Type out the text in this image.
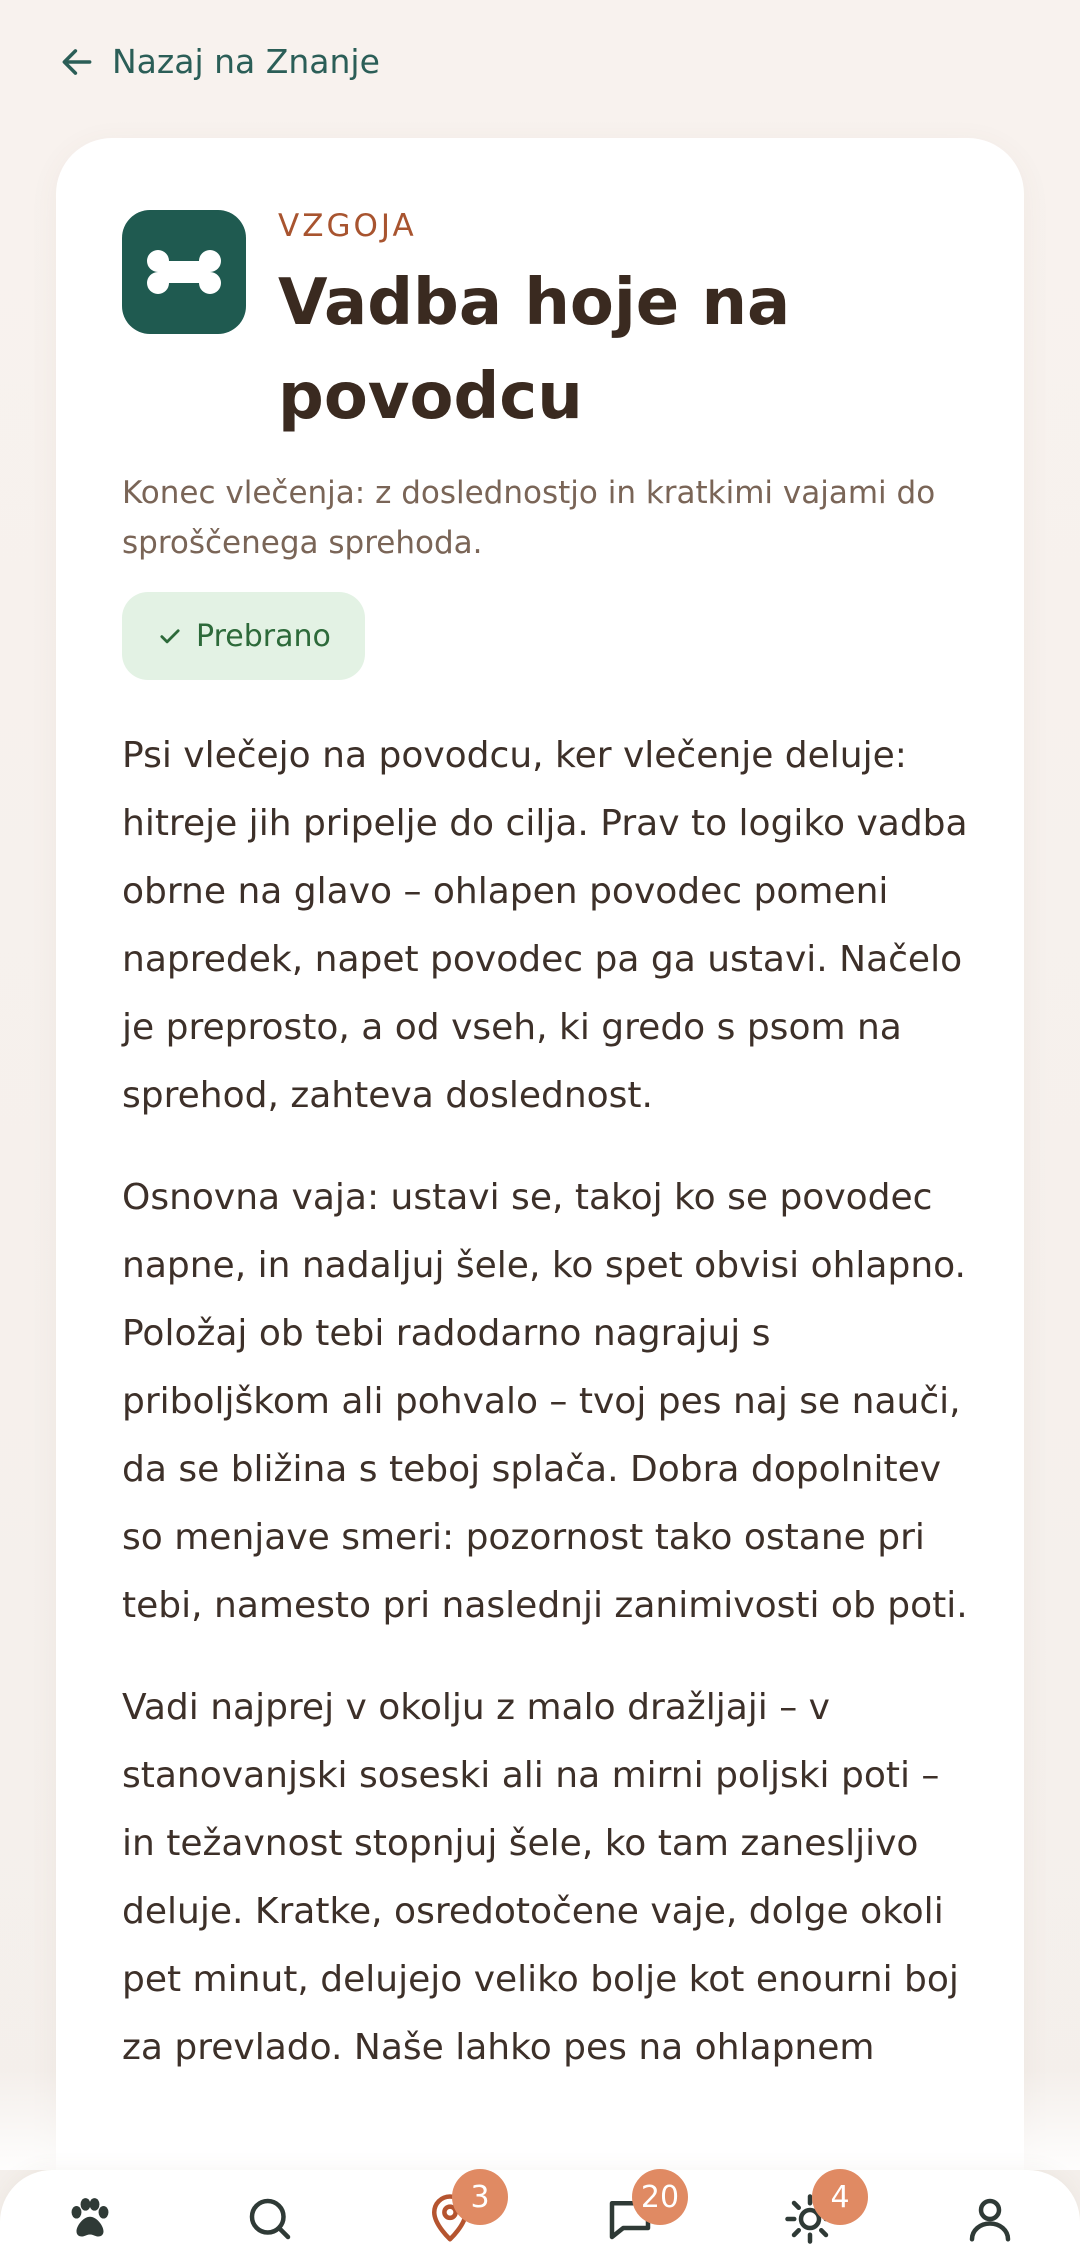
Nazaj na Znanje
VZGOJA
Vadba hoje na povodcu
Konec vlečenja: z doslednostjo in kratkimi vajami do sproščenega sprehoda.
Prebrano

Psi vlečejo na povodcu, ker vlečenje deluje: hitreje jih pripelje do cilja. Prav to logiko vadba obrne na glavo – ohlapen povodec pomeni napredek, napet povodec pa ga ustavi. Načelo je preprosto, a od vseh, ki gredo s psom na sprehod, zahteva doslednost.

Osnovna vaja: ustavi se, takoj ko se povodec napne, in nadaljuj šele, ko spet obvisi ohlapno. Položaj ob tebi radodarno nagrajuj s priboljškom ali pohvalo – tvoj pes naj se nauči, da se bližina s teboj splača. Dobra dopolnitev so menjave smeri: pozornost tako ostane pri tebi, namesto pri naslednji zanimivosti ob poti.

Vadi najprej v okolju z malo dražljaji – v stanovanjski soseski ali na mirni poljski poti – in težavnost stopnjuj šele, ko tam zanesljivo deluje. Kratke, osredotočene vaje, dolge okoli pet minut, delujejo veliko bolje kot enourni boj za prevlado. Naše lahko pes na ohlapnem

3	20	4
